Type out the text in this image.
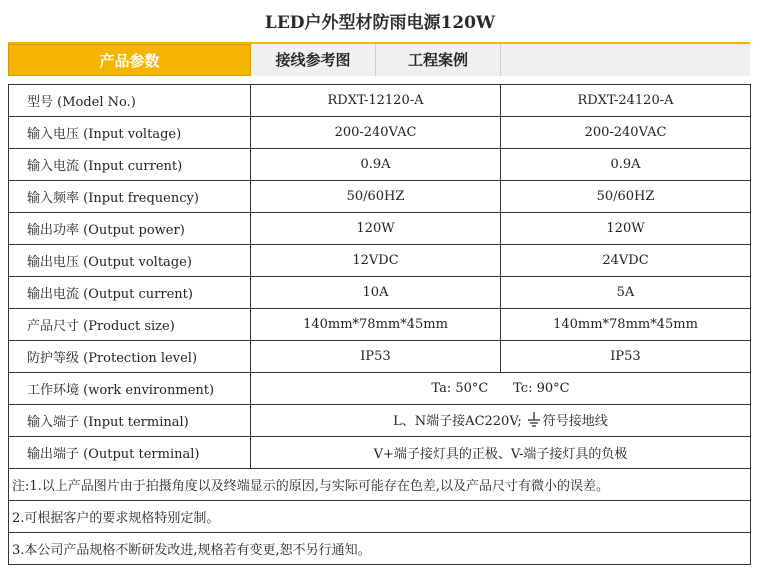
LED户外型材防雨电源120W
产品参数	接线参考图	工程案例
型号 (Model No.)	RDXT-12120-A	RDXT-24120-A
输入电压 (Input voltage)	200-240VAC	200-240VAC
输入电流 (Input current)	0.9A	0.9A
输入频率 (Input frequency)	50/60HZ	50/60HZ
输出功率 (Output power)	120W	120W
输出电压 (Output voltage)	12VDC	24VDC
输出电流 (Output current)	10A	5A
产品尺寸 (Product size)	140mm*78mm*45mm	140mm*78mm*45mm
防护等级 (Protection level)	IP53	IP53
工作环境 (work environment)	Ta: 50°C      Tc: 90°C	
输入端子 (Input terminal)	L、N端子接AC220V; 符号接地线	
输出端子 (Output terminal)	V+端子接灯具的正极、V-端子接灯具的负极	
注:1.以上产品图片由于拍摄角度以及终端显示的原因,与实际可能存在色差,以及产品尺寸有微小的误差。		
2.可根据客户的要求规格特别定制。		
3.本公司产品规格不断研发改进,规格若有变更,恕不另行通知。		
